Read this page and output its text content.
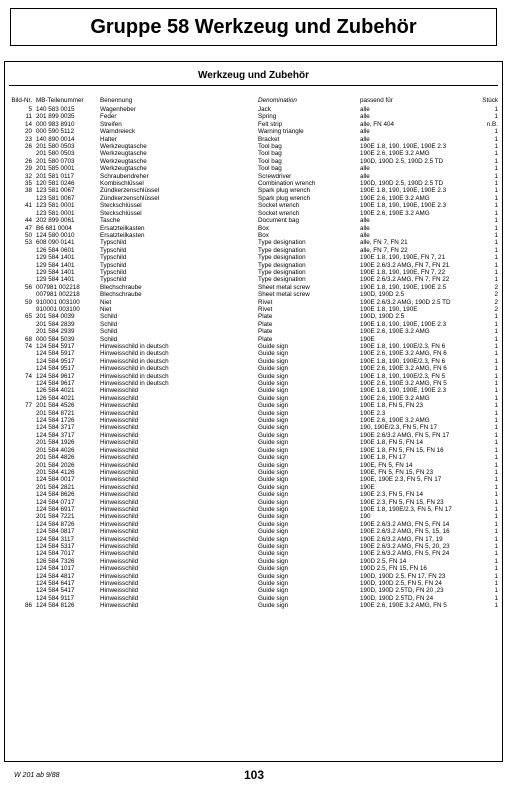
Gruppe 58 Werkzeug und Zubehör
Werkzeug und Zubehör
Bild-Nr.	MB-Teilenummer	Benennung	Denomination	passend für	Stück
5	140 583 0015	Wagenheber	Jack	alle	1
11	201 899 0035	Feder	Spring	alle	1
14	000 983 8910	Streifen	Felt strip	alle, FN 404	n.B.
20	000 590 5112	Warndreieck	Warning triangle	alle	1
23	140 890 0014	Halter	Bracket	alle	1
26	201 580 0503	Werkzeugtasche	Tool bag	190E 1.8, 190, 190E, 190E 2.3	1
	201 580 0503	Werkzeugtasche	Tool bag	190E 2.6, 190E 3.2 AMG	1
26	201 580 0703	Werkzeugtasche	Tool bag	190D, 190D 2.5, 190D 2.5 TD	1
29	201 585 0001	Werkzeugtasche	Tool bag	alle	1
32	201 581 0117	Schraubendreher	Screwdriver	alle	1
35	120 581 0246	Kombischlüssel	Combination wrench	190D, 190D 2.5, 190D 2.5 TD	1
38	123 581 0067	Zündkerzenschlüssel	Spark plug wrench	190E 1.8, 190, 190E, 190E 2.3	1
	123 581 0067	Zündkerzenschlüssel	Spark plug wrench	190E 2.6, 190E 3.2 AMG	1
41	123 581 0001	Steckschlüssel	Socket wrench	190E 1.8, 190, 190E, 190E 2.3	1
	123 581 0001	Steckschlüssel	Socket wrench	190E 2.6, 190E 3.2 AMG	1
44	202 899 0061	Tasche	Document bag	alle	1
47	B6 681 0004	Ersatzteilkasten	Box	alle	1
50	124 580 0010	Ersatzteilkasten	Box	alle	1
53	608 090 0141	Typschild	Type designation	alle, FN 7, FN 21	1
	126 584 0601	Typschild	Type designation	alle, FN 7, FN 22	1
	129 584 1401	Typschild	Type designation	190E 1.8, 190, 190E, FN 7, 21	1
	129 584 1401	Typschild	Type designation	190E 2.6/3.2 AMG, FN 7, FN 21	1
	129 584 1401	Typschild	Type designation	190E 1.8, 190, 190E, FN 7, 22	1
	129 584 1401	Typschild	Type designation	190E 2.6/3.2 AMG, FN 7, FN 22	1
56	007981 002218	Blechschraube	Sheet metal screw	190E 1.8, 190, 190E, 190E 2.5	2
	007981 002218	Blechschraube	Sheet metal screw	190D, 190D 2.5	2
59	910001 003100	Niet	Rivet	190E 2.6/3.2 AMG, 190D 2.5 TD	2
	910001 003100	Niet	Rivet	190E 1.8, 190, 190E	2
65	201 584 0039	Schild	Plate	190D, 190D 2.5	1
	201 584 2839	Schild	Plate	190E 1.8, 190, 190E, 190E 2.3	1
	201 584 2939	Schild	Plate	190E 2.6, 190E 3.2 AMG	1
68	000 584 5039	Schild	Plate	190E	1
74	124 584 5917	Hinweisschild in deutsch	Guide sign	190E 1.8, 190, 190E/2.3, FN 6	1
	124 584 5917	Hinweisschild in deutsch	Guide sign	190E 2.6, 190E 3.2 AMG, FN 6	1
	124 584 9517	Hinweisschild in deutsch	Guide sign	190E 1.8, 190, 190E/2.3, FN 6	1
	124 584 9517	Hinweisschild in deutsch	Guide sign	190E 2.6, 190E 3.2 AMG, FN 6	1
74	124 584 9617	Hinweisschild in deutsch	Guide sign	190E 1.8, 190, 190E/2.3, FN 5	1
	124 584 9617	Hinweisschild in deutsch	Guide sign	190E 2.6, 190E 3.2 AMG, FN 5	1
	126 584 4021	Hinweisschild	Guide sign	190E 1.8, 190, 190E, 190E 2.3	1
	126 584 4021	Hinweisschild	Guide sign	190E 2.6, 190E 3.2 AMG	1
77	201 584 4526	Hinweisschild	Guide sign	190E 1.8, FN 5, FN 23	1
	201 584 8721	Hinweisschild	Guide sign	190E 2.3	1
	124 584 1726	Hinweisschild	Guide sign	190E 2.6, 190E 3.2 AMG	1
	124 584 3717	Hinweisschild	Guide sign	190, 190E/2.3, FN 5, FN 17	1
	124 584 3717	Hinweisschild	Guide sign	190E 2.6/3.2 AMG, FN 5, FN 17	1
	201 584 1926	Hinweisschild	Guide sign	190E 1.8, FN 5, FN 14	1
	201 584 4026	Hinweisschild	Guide sign	190E 1.8, FN 5, FN 15, FN 16	1
	201 584 4826	Hinweisschild	Guide sign	190E 1.8, FN 17	1
	201 584 2026	Hinweisschild	Guide sign	190E, FN 5, FN 14	1
	201 584 4126	Hinweisschild	Guide sign	190E, FN 5, FN 15, FN 23	1
	124 584 0017	Hinweisschild	Guide sign	190E, 190E 2.3, FN 5, FN 17	1
	201 584 2821	Hinweisschild	Guide sign	190E	1
	124 584 8626	Hinweisschild	Guide sign	190E 2.3, FN 5, FN 14	1
	124 584 0717	Hinweisschild	Guide sign	190E 2.3, FN 5, FN 15, FN 23	1
	124 584 6917	Hinweisschild	Guide sign	190E 1.8, 190E/2.3, FN 5, FN 17	1
	201 584 7221	Hinweisschild	Guide sign	190	1
	124 584 8726	Hinweisschild	Guide sign	190E 2.6/3.2 AMG, FN 5, FN 14	1
	124 584 0817	Hinweisschild	Guide sign	190E 2.6/3.2 AMG, FN 5, 15, 16	1
	124 584 3117	Hinweisschild	Guide sign	190E 2.6/3.2 AMG, FN 17, 19	1
	124 584 5317	Hinweisschild	Guide sign	190E 2.6/3.2 AMG, FN 5, 20, 23	1
	124 584 7017	Hinweisschild	Guide sign	190E 2.6/3.2 AMG, FN 5, FN 24	1
	126 584 7326	Hinweisschild	Guide sign	190D 2.5, FN 14	1
	124 584 1017	Hinweisschild	Guide sign	190D 2.5, FN 15, FN 16	1
	124 584 4817	Hinweisschild	Guide sign	190D, 190D 2.5, FN 17, FN 23	1
	124 584 6417	Hinweisschild	Guide sign	190D, 190D 2.5, FN 5, FN 24	1
	124 584 5417	Hinweisschild	Guide sign	190D, 190D 2.5TD, FN 20 ,23	1
	124 584 9117	Hinweisschild	Guide sign	190D, 190D 2.5TD, FN 24	1
86	124 584 8126	Hinweisschild	Guide sign	190E 2.6, 190E 3.2 AMG, FN 5	1
W 201 ab 9/88	103
